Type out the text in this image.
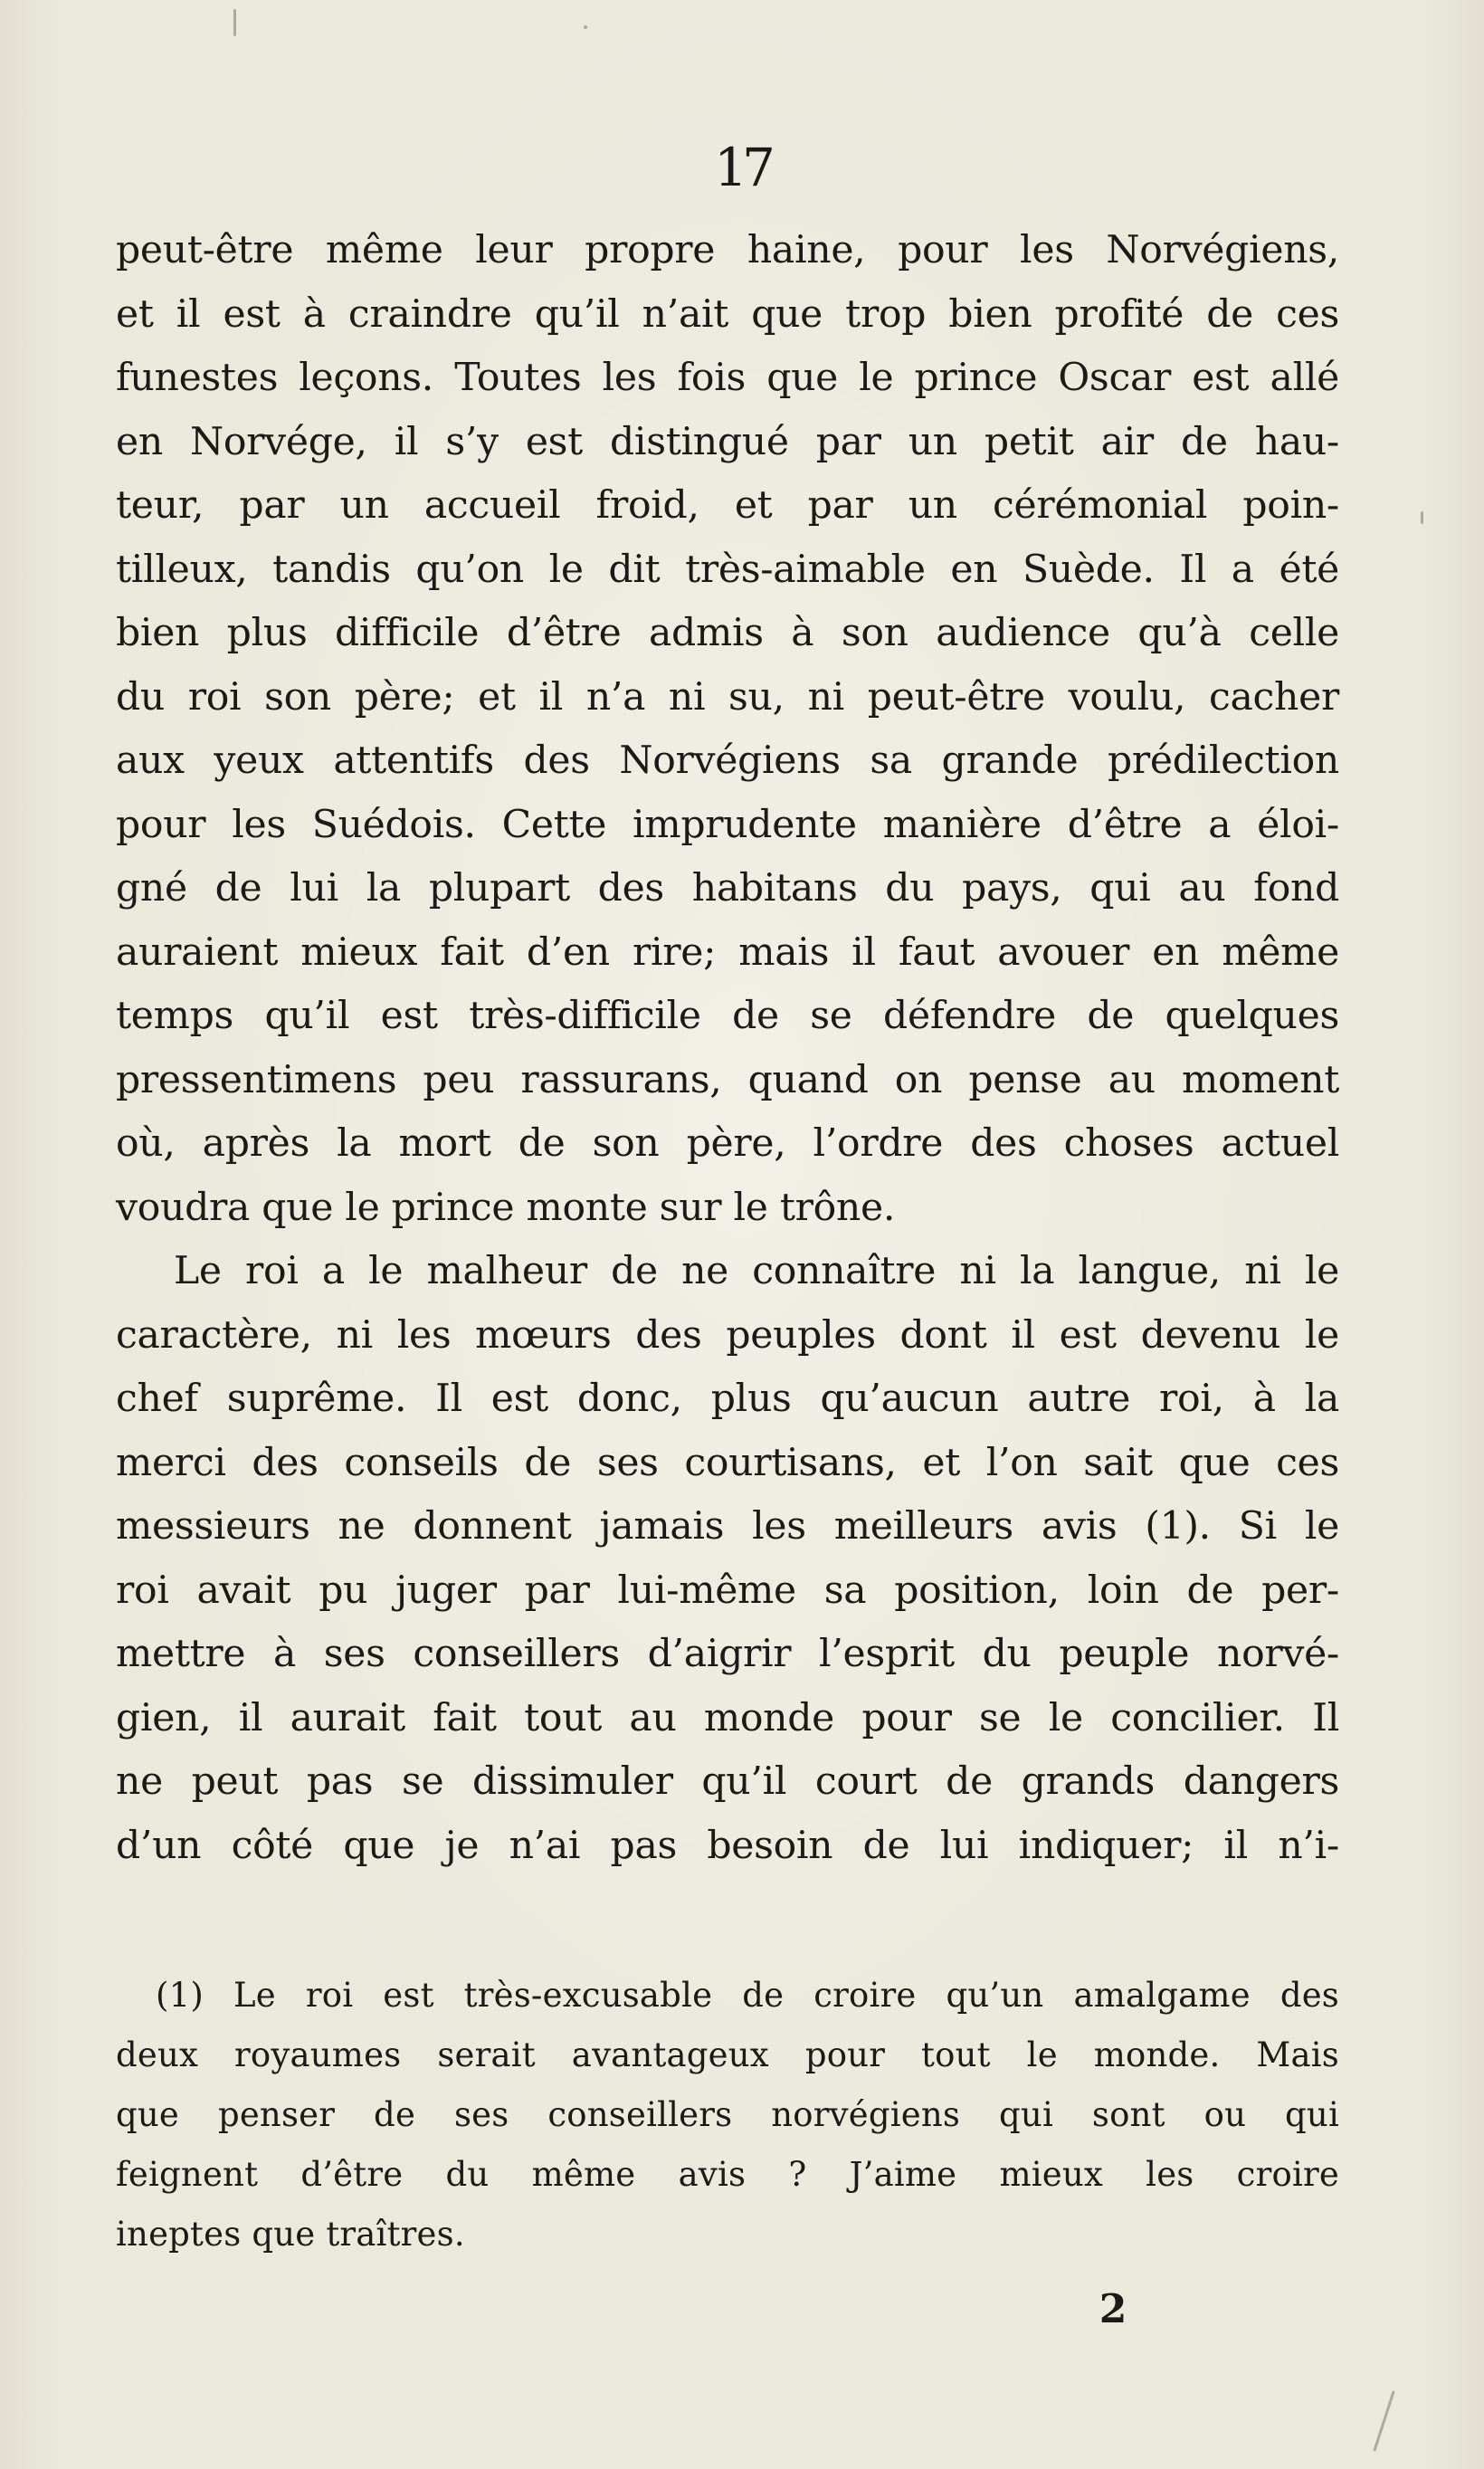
17
peut-être même leur propre haine, pour les Norvégiens,
et il est à craindre qu’il n’ait que trop bien profité de ces
funestes leçons. Toutes les fois que le prince Oscar est allé
en Norvége, il s’y est distingué par un petit air de hau-
teur, par un accueil froid, et par un cérémonial poin-
tilleux, tandis qu’on le dit très-aimable en Suède. Il a été
bien plus difficile d’être admis à son audience qu’à celle
du roi son père; et il n’a ni su, ni peut-être voulu, cacher
aux yeux attentifs des Norvégiens sa grande prédilection
pour les Suédois. Cette imprudente manière d’être a éloi-
gné de lui la plupart des habitans du pays, qui au fond
auraient mieux fait d’en rire; mais il faut avouer en même
temps qu’il est très-difficile de se défendre de quelques
pressentimens peu rassurans, quand on pense au moment
où, après la mort de son père, l’ordre des choses actuel
voudra que le prince monte sur le trône.
Le roi a le malheur de ne connaître ni la langue, ni le
caractère, ni les mœurs des peuples dont il est devenu le
chef suprême. Il est donc, plus qu’aucun autre roi, à la
merci des conseils de ses courtisans, et l’on sait que ces
messieurs ne donnent jamais les meilleurs avis (1). Si le
roi avait pu juger par lui-même sa position, loin de per-
mettre à ses conseillers d’aigrir l’esprit du peuple norvé-
gien, il aurait fait tout au monde pour se le concilier. Il
ne peut pas se dissimuler qu’il court de grands dangers
d’un côté que je n’ai pas besoin de lui indiquer; il n’i-
(1) Le roi est très-excusable de croire qu’un amalgame des
deux royaumes serait avantageux pour tout le monde. Mais
que penser de ses conseillers norvégiens qui sont ou qui
feignent d’être du même avis ? J’aime mieux les croire
ineptes que traîtres.
2
